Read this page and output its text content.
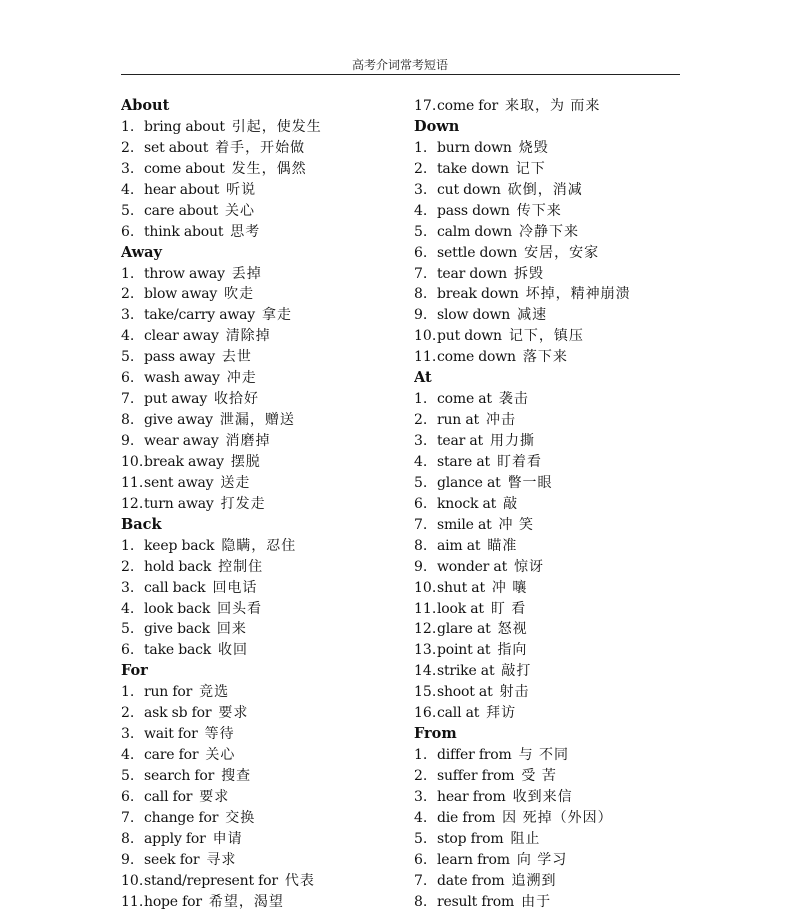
高考介词常考短语
About
1. bring about 引起，使发生
2. set about 着手，开始做
3. come about 发生，偶然
4. hear about 听说
5. care about 关心
6. think about 思考
Away
1. throw away 丢掉
2. blow away 吹走
3. take/carry away 拿走
4. clear away 清除掉
5. pass away 去世
6. wash away 冲走
7. put away 收拾好
8. give away 泄漏，赠送
9. wear away 消磨掉
10.break away 摆脱
11.sent away 送走
12.turn away 打发走
Back
1. keep back 隐瞒，忍住
2. hold back 控制住
3. call back 回电话
4. look back 回头看
5. give back 回来
6. take back 收回
For
1. run for 竞选
2. ask sb for 要求
3. wait for 等待
4. care for 关心
5. search for 搜查
6. call for 要求
7. change for 交换
8. apply for 申请
9. seek for 寻求
10.stand/represent for 代表
11.hope for 希望，渴望
17.come for 来取，为 而来
Down
1. burn down 烧毁
2. take down 记下
3. cut down 砍倒，消减
4. pass down 传下来
5. calm down 冷静下来
6. settle down 安居，安家
7. tear down 拆毁
8. break down 坏掉，精神崩溃
9. slow down 减速
10.put down 记下，镇压
11.come down 落下来
At
1. come at 袭击
2. run at 冲击
3. tear at 用力撕
4. stare at 盯着看
5. glance at 瞥一眼
6. knock at 敲
7. smile at 冲 笑
8. aim at 瞄准
9. wonder at 惊讶
10.shut at 冲 嚷
11.look at 盯 看
12.glare at 怒视
13.point at 指向
14.strike at 敲打
15.shoot at 射击
16.call at 拜访
From
1. differ from 与 不同
2. suffer from 受 苦
3. hear from 收到来信
4. die from 因 死掉（外因）
5. stop from 阻止
6. learn from 向 学习
7. date from 追溯到
8. result from 由于
